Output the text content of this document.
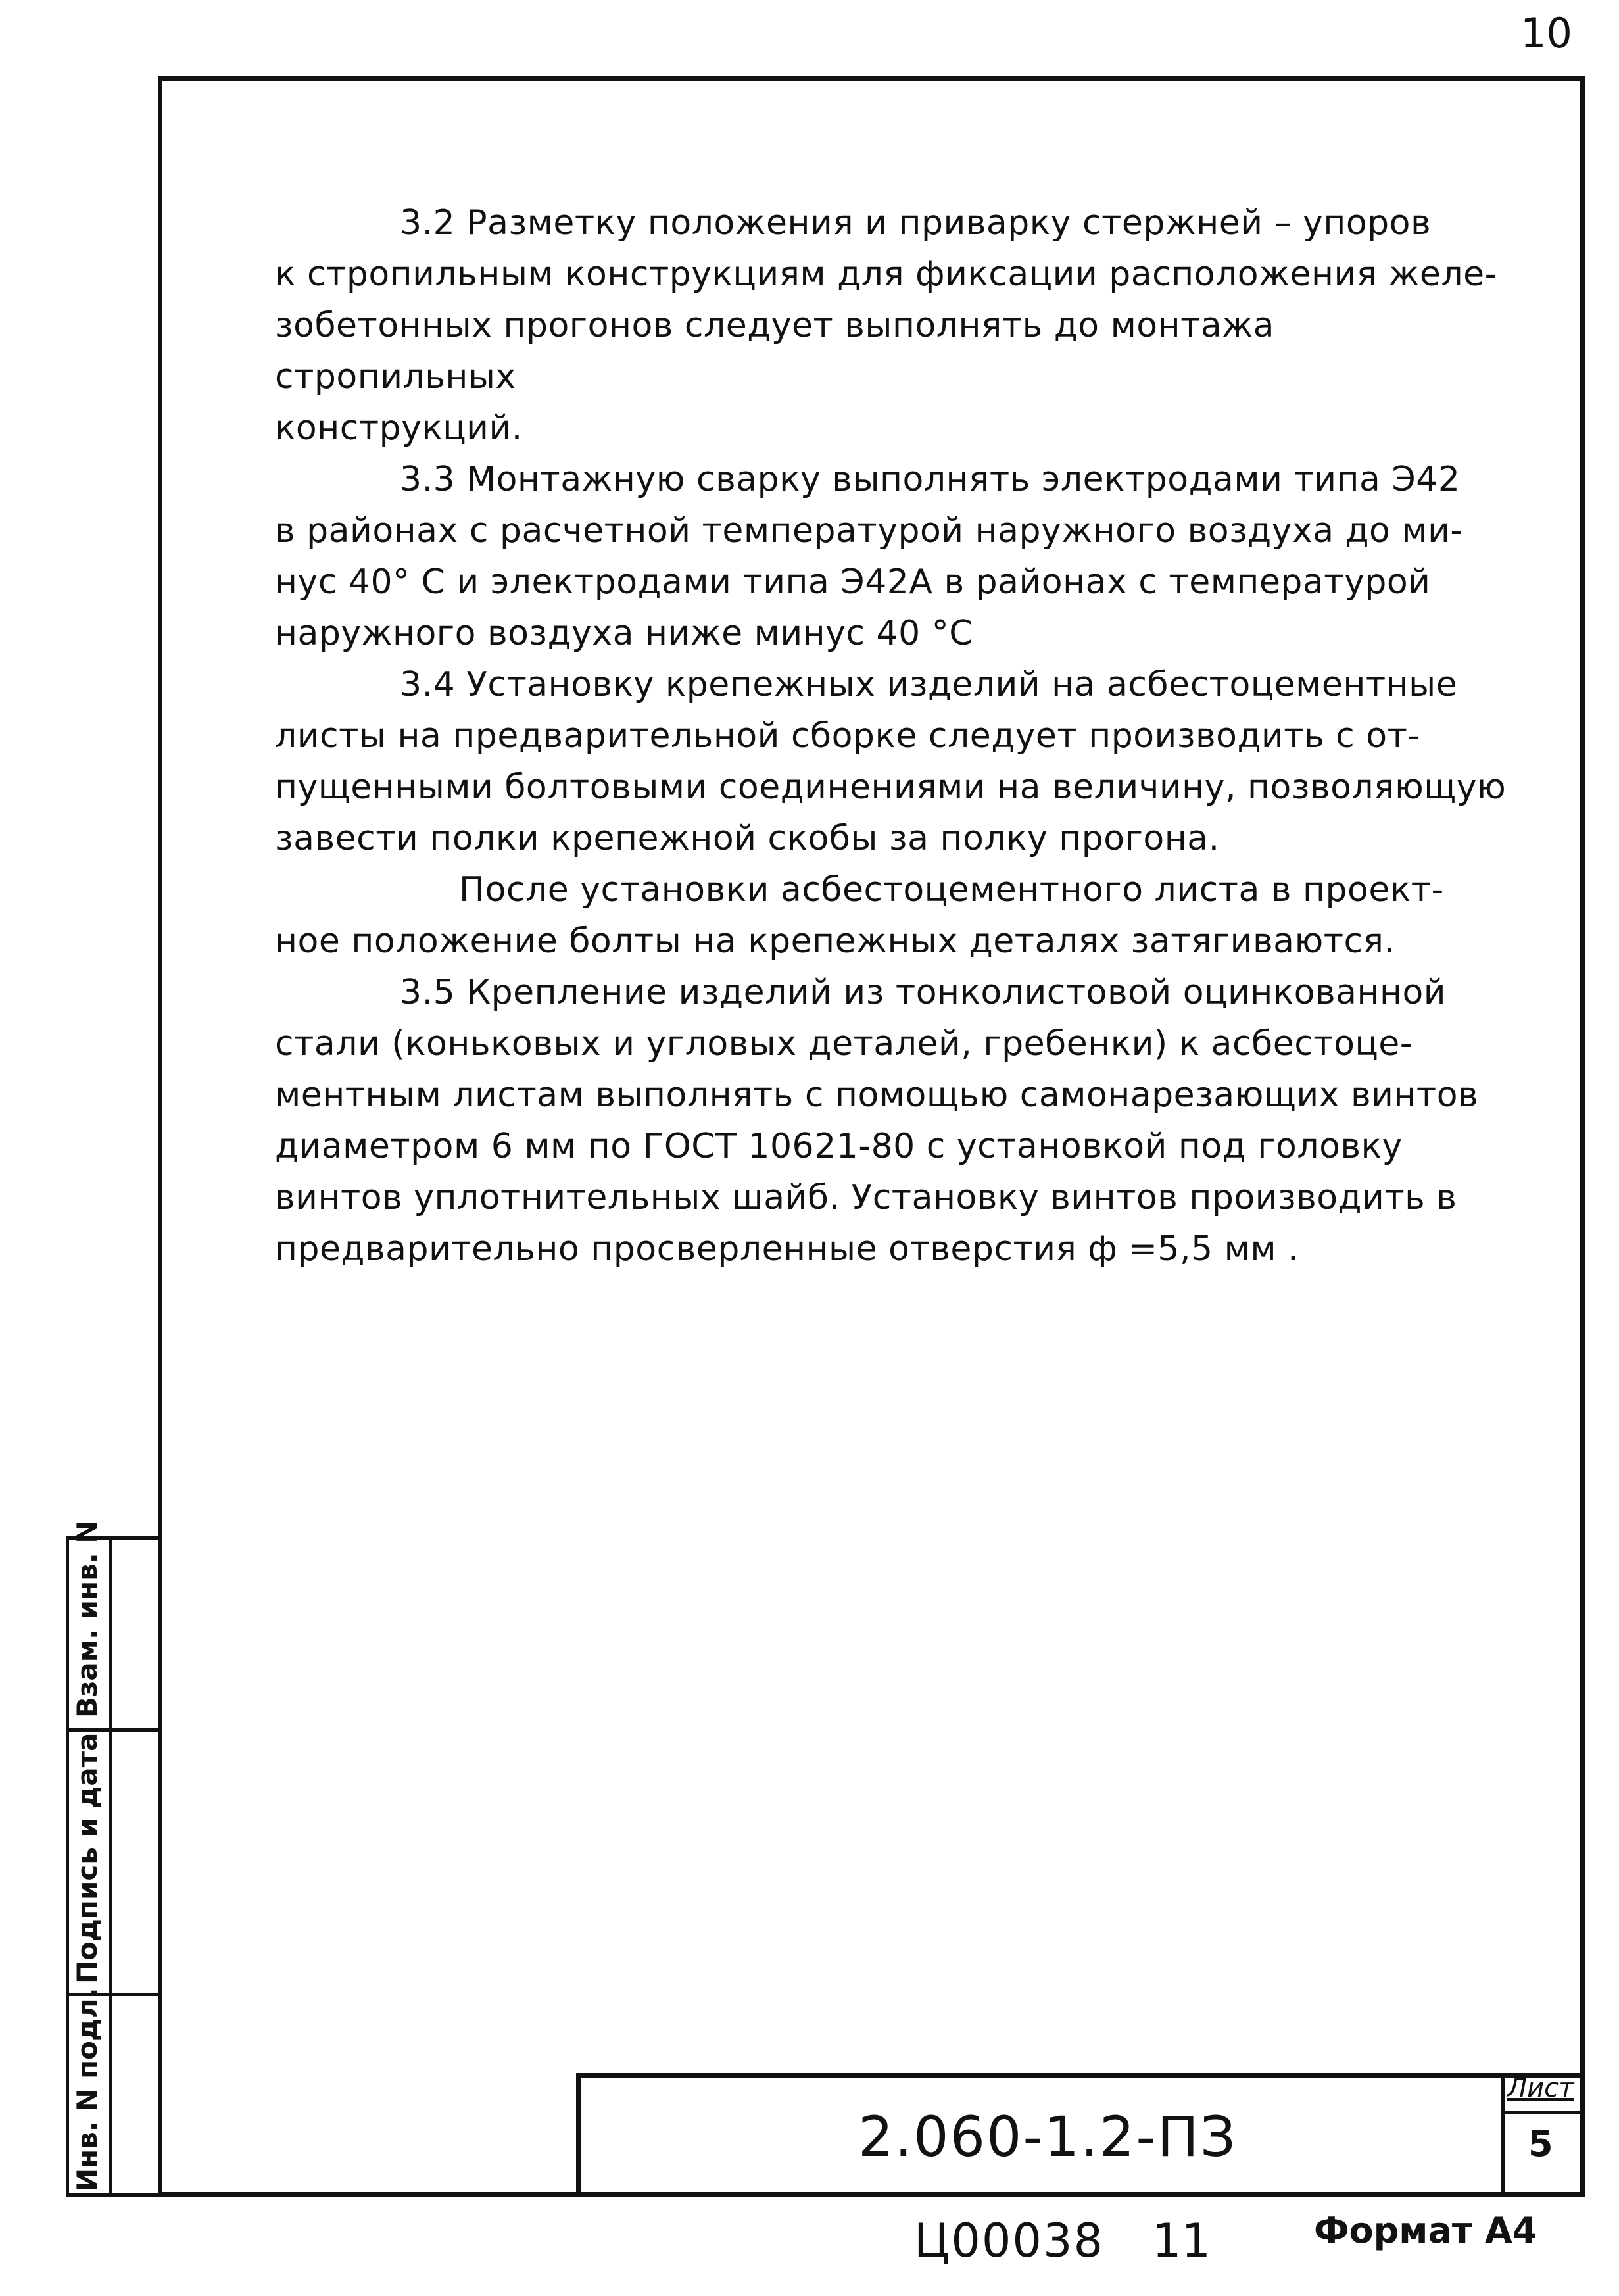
10

3.2 Разметку положения и приварку стержней – упоров

к стропильным конструкциям для фиксации расположения желе-

зобетонных прогонов следует выполнять до монтажа стропильных

конструкций.

3.3 Монтажную сварку выполнять электродами типа Э42

в районах с расчетной температурой наружного воздуха до ми-

нус 40° С и электродами типа Э42А в районах с температурой

наружного воздуха ниже минус 40 °С

3.4 Установку крепежных изделий на асбестоцементные

листы на предварительной сборке следует производить с от-

пущенными болтовыми соединениями на величину, позволяющую

завести полки крепежной скобы за полку прогона.

После установки асбестоцементного листа в проект-

ное положение болты на крепежных деталях затягиваются.

3.5 Крепление изделий из тонколистовой оцинкованной

стали (коньковых и угловых деталей, гребенки) к асбестоце-

ментным листам выполнять с помощью самонарезающих винтов

диаметром 6 мм по ГОСТ 10621-80 с установкой под головку

винтов уплотнительных шайб. Установку винтов производить в

предварительно просверленные отверстия ф =5,5 мм .

Взам. инв. N
Подпись и дата
Инв. N подл.	2.060-1.2-ПЗ
Лист
5
Ц00038 11	Формат А4
